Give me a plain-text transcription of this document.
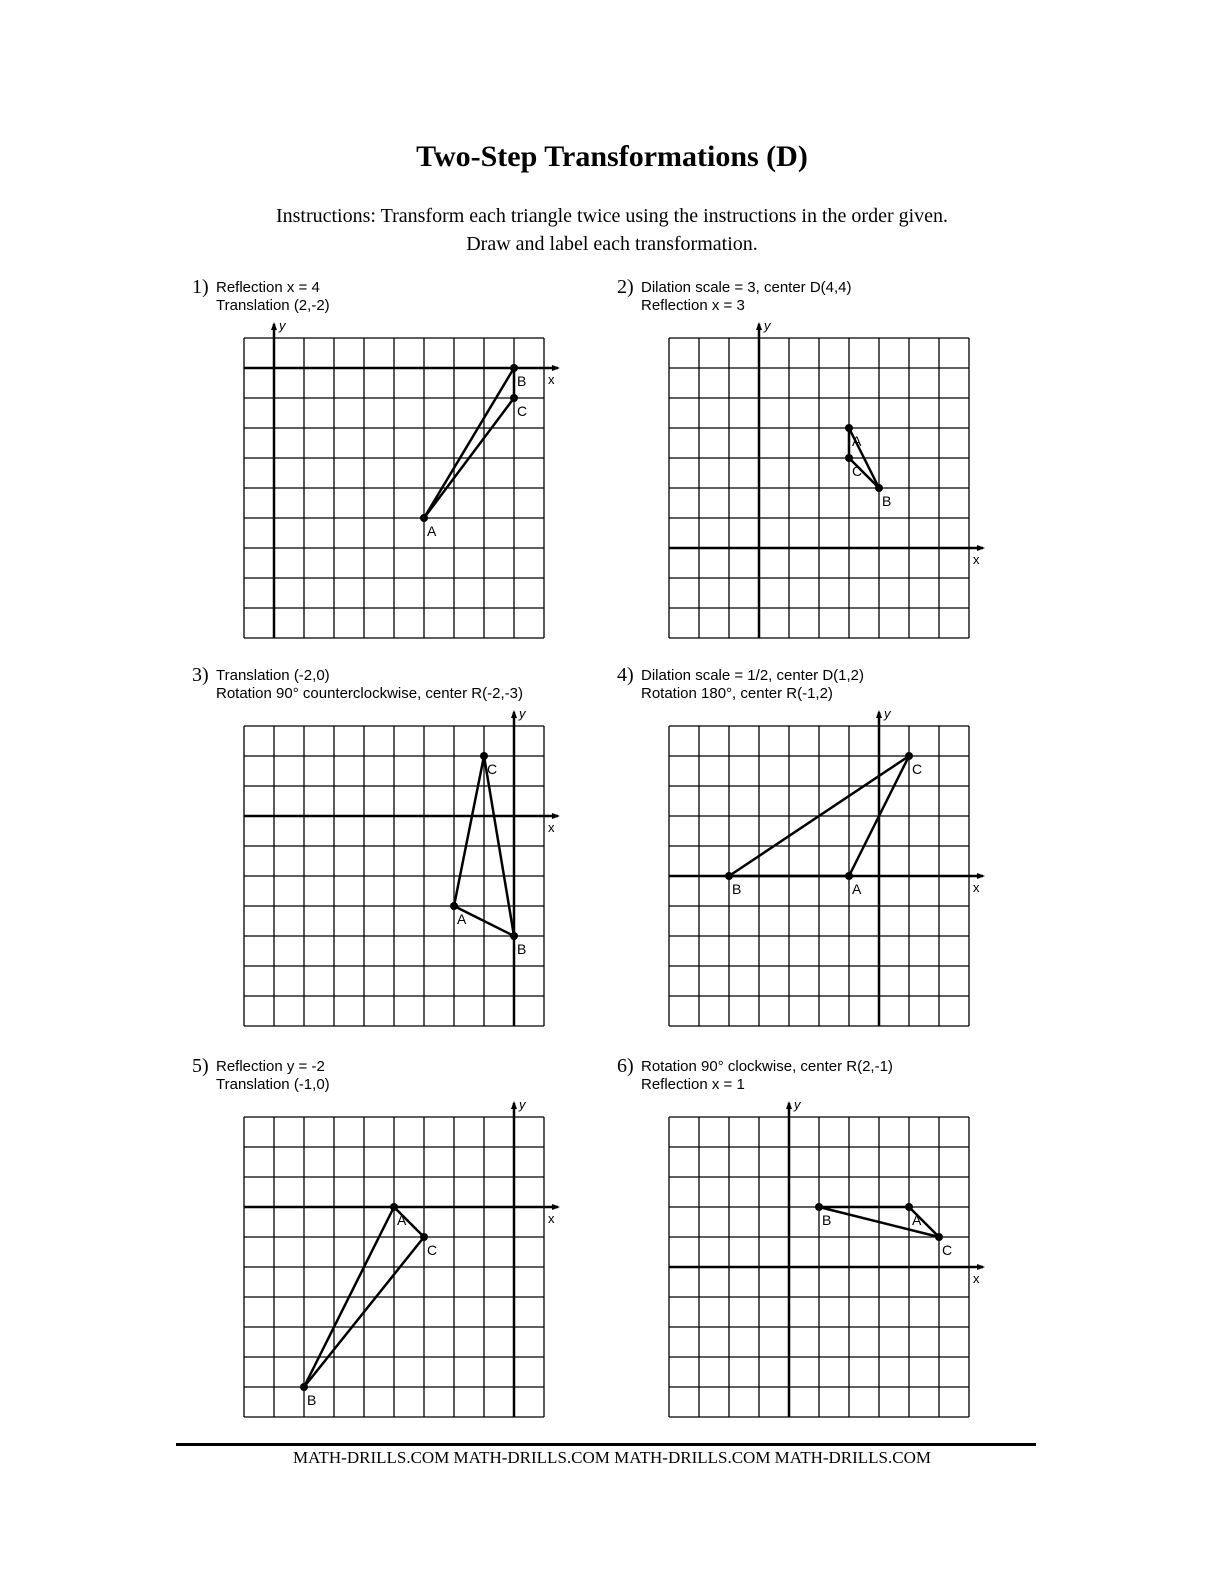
Two-Step Transformations (D)
Instructions: Transform each triangle twice using the instructions in the order given.
Draw and label each transformation.
1) Reflection x = 4
Translation (2,-2)
x
y
A
B
C
2) Dilation scale = 3, center D(4,4)
Reflection x = 3
x
y
A
B
C
3) Translation (-2,0)
Rotation 90° counterclockwise, center R(-2,-3)
x
y
A
B
C
4) Dilation scale = 1/2, center D(1,2)
Rotation 180°, center R(-1,2)
x
y
A
B
C
5) Reflection y = -2
Translation (-1,0)
x
y
A
B
C
6) Rotation 90° clockwise, center R(2,-1)
Reflection x = 1
x
y
A
B
C
MATH-DRILLS.COM MATH-DRILLS.COM MATH-DRILLS.COM MATH-DRILLS.COM
